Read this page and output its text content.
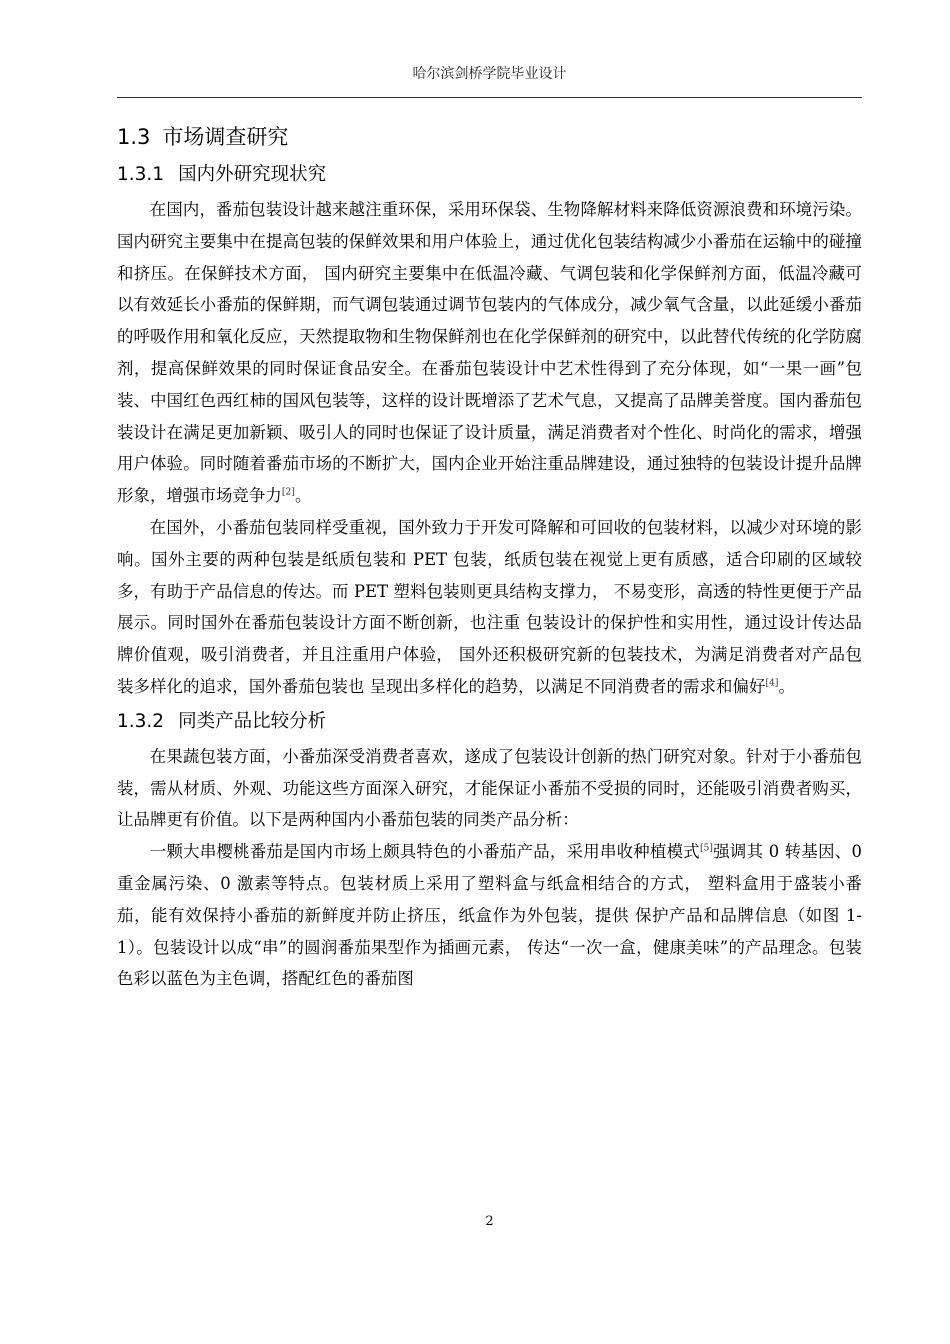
哈尔滨剑桥学院毕业设计
1.3 市场调查研究
1.3.1 国内外研究现状究

在国内，番茄包装设计越来越注重环保，采用环保袋、生物降解材料来降低资源浪费和环境污染。国内研究主要集中在提高包装的保鲜效果和用户体验上，通过优化包装结构减少小番茄在运输中的碰撞和挤压。在保鲜技术方面， 国内研究主要集中在低温冷藏、气调包装和化学保鲜剂方面，低温冷藏可以有效延长小番茄的保鲜期，而气调包装通过调节包装内的气体成分，减少氧气含量，以此延缓小番茄的呼吸作用和氧化反应，天然提取物和生物保鲜剂也在化学保鲜剂的研究中，以此替代传统的化学防腐剂，提高保鲜效果的同时保证食品安全。在番茄包装设计中艺术性得到了充分体现，如“一果一画”包装、中国红色西红柿的国风包装等，这样的设计既增添了艺术气息，又提高了品牌美誉度。国内番茄包装设计在满足更加新颖、吸引人的同时也保证了设计质量，满足消费者对个性化、时尚化的需求，增强用户体验。同时随着番茄市场的不断扩大，国内企业开始注重品牌建设，通过独特的包装设计提升品牌形象，增强市场竞争力[2]。

在国外，小番茄包装同样受重视，国外致力于开发可降解和可回收的包装材料，以减少对环境的影响。国外主要的两种包装是纸质包装和 PET 包装，纸质包装在视觉上更有质感，适合印刷的区域较多，有助于产品信息的传达。而 PET 塑料包装则更具结构支撑力， 不易变形，高透的特性更便于产品展示。同时国外在番茄包装设计方面不断创新，也注重 包装设计的保护性和实用性，通过设计传达品牌价值观，吸引消费者，并且注重用户体验， 国外还积极研究新的包装技术，为满足消费者对产品包装多样化的追求，国外番茄包装也 呈现出多样化的趋势，以满足不同消费者的需求和偏好[4]。

1.3.2 同类产品比较分析

在果蔬包装方面，小番茄深受消费者喜欢，遂成了包装设计创新的热门研究对象。针对于小番茄包装，需从材质、外观、功能这些方面深入研究，才能保证小番茄不受损的同时，还能吸引消费者购买，让品牌更有价值。以下是两种国内小番茄包装的同类产品分析：

一颗大串樱桃番茄是国内市场上颇具特色的小番茄产品，采用串收种植模式[5]强调其 0 转基因、0 重金属污染、0 激素等特点。包装材质上采用了塑料盒与纸盒相结合的方式， 塑料盒用于盛装小番茄，能有效保持小番茄的新鲜度并防止挤压，纸盒作为外包装，提供 保护产品和品牌信息（如图 1-1）。包装设计以成“串”的圆润番茄果型作为插画元素， 传达“一次一盒，健康美味”的产品理念。包装色彩以蓝色为主色调，搭配红色的番茄图

2
